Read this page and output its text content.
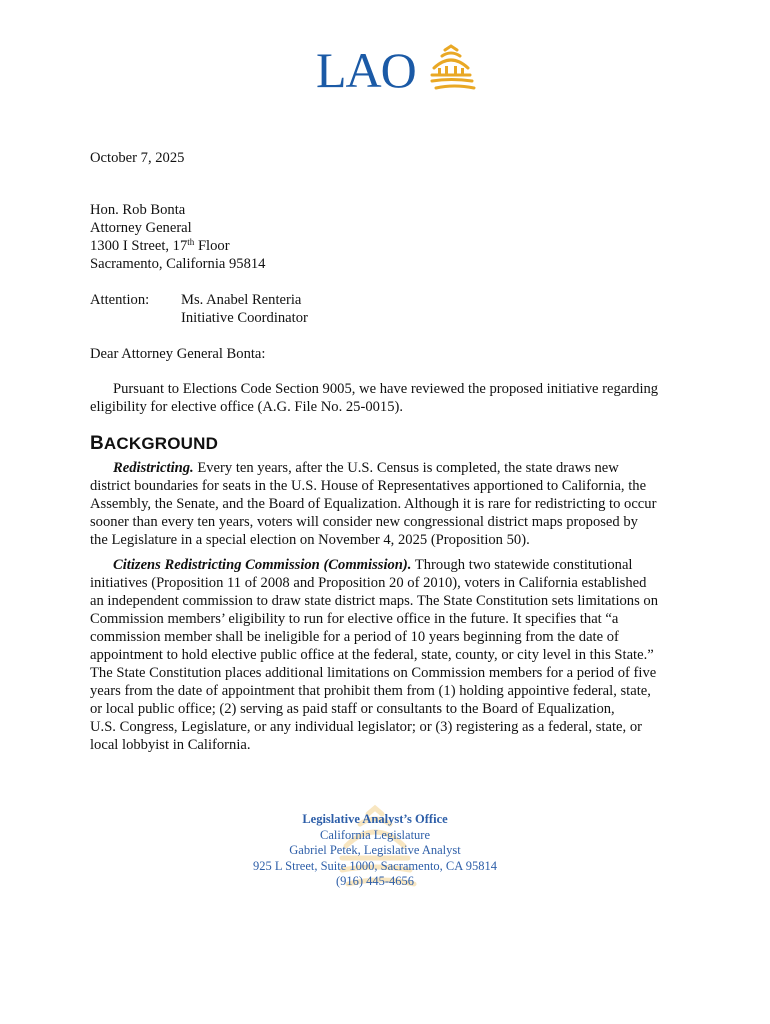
LAO
October 7, 2025
Hon. Rob Bonta
Attorney General
1300 I Street, 17th Floor
Sacramento, California 95814
Attention: Ms. Anabel Renteria
Initiative Coordinator
Dear Attorney General Bonta:
Pursuant to Elections Code Section 9005, we have reviewed the proposed initiative regarding
eligibility for elective office (A.G. File No. 25-0015).
BACKGROUND
Redistricting. Every ten years, after the U.S. Census is completed, the state draws new
district boundaries for seats in the U.S. House of Representatives apportioned to California, the
Assembly, the Senate, and the Board of Equalization. Although it is rare for redistricting to occur
sooner than every ten years, voters will consider new congressional district maps proposed by
the Legislature in a special election on November 4, 2025 (Proposition 50).
Citizens Redistricting Commission (Commission). Through two statewide constitutional
initiatives (Proposition 11 of 2008 and Proposition 20 of 2010), voters in California established
an independent commission to draw state district maps. The State Constitution sets limitations on
Commission members’ eligibility to run for elective office in the future. It specifies that “a
commission member shall be ineligible for a period of 10 years beginning from the date of
appointment to hold elective public office at the federal, state, county, or city level in this State.”
The State Constitution places additional limitations on Commission members for a period of five
years from the date of appointment that prohibit them from (1) holding appointive federal, state,
or local public office; (2) serving as paid staff or consultants to the Board of Equalization,
U.S. Congress, Legislature, or any individual legislator; or (3) registering as a federal, state, or
local lobbyist in California.
Legislative Analyst’s Office
California Legislature
Gabriel Petek, Legislative Analyst
925 L Street, Suite 1000, Sacramento, CA 95814
(916) 445-4656
